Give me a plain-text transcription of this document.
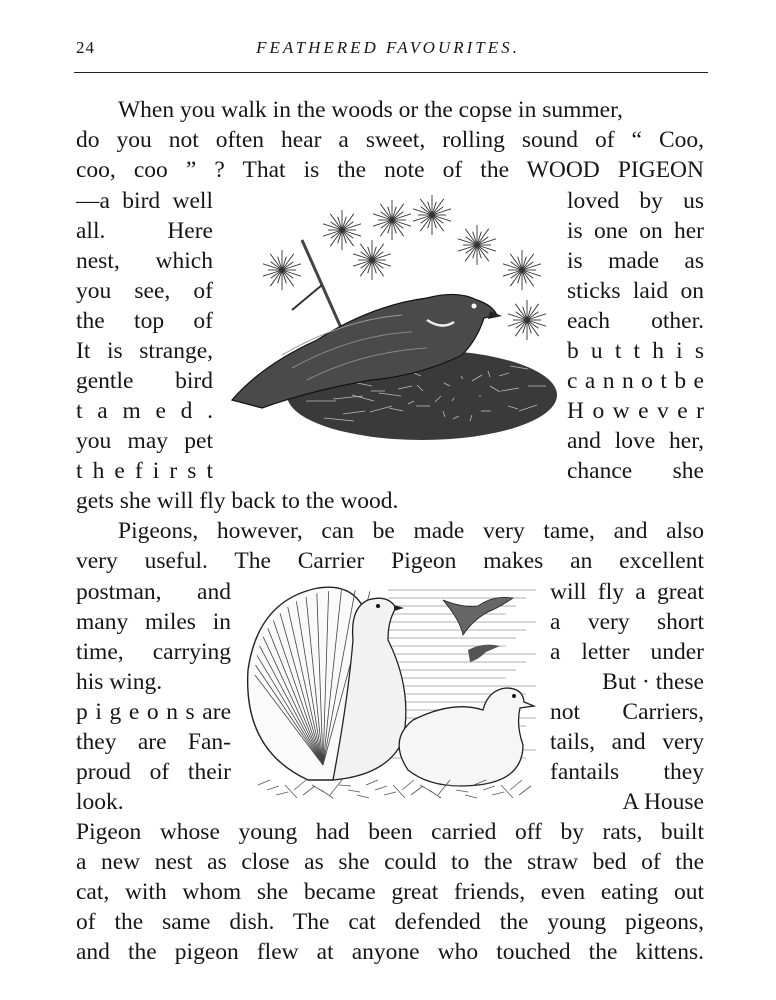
24	FEATHERED FAVOURITES.
When you walk in the woods or the copse in summer,
do you not often hear a sweet, rolling sound of “ Coo,
coo, coo ” ? That is the note of the WOOD PIGEON
—a bird well
all. Here
nest, which
you see, of
the top of
It is strange,
gentle bird
t a m e d .
you may pet
t h e f i r s t
loved by us
is one on her
is made as
sticks laid on
each other.
b u t t h i s
c a n n o t b e
H o w e v e r
and love her,
chance she
gets she will fly back to the wood.
Pigeons, however, can be made very tame, and also
very useful. The Carrier Pigeon makes an excellent
postman, and
many miles in
time, carrying
his wing.
p i g e o n s are
they are Fan-
proud of their
look.
will fly a great
a very short
a letter under
But · these
not Carriers,
tails, and very
fantails they
A House
Pigeon whose young had been carried off by rats, built
a new nest as close as she could to the straw bed of the
cat, with whom she became great friends, even eating out
of the same dish. The cat defended the young pigeons,
and the pigeon flew at anyone who touched the kittens.
